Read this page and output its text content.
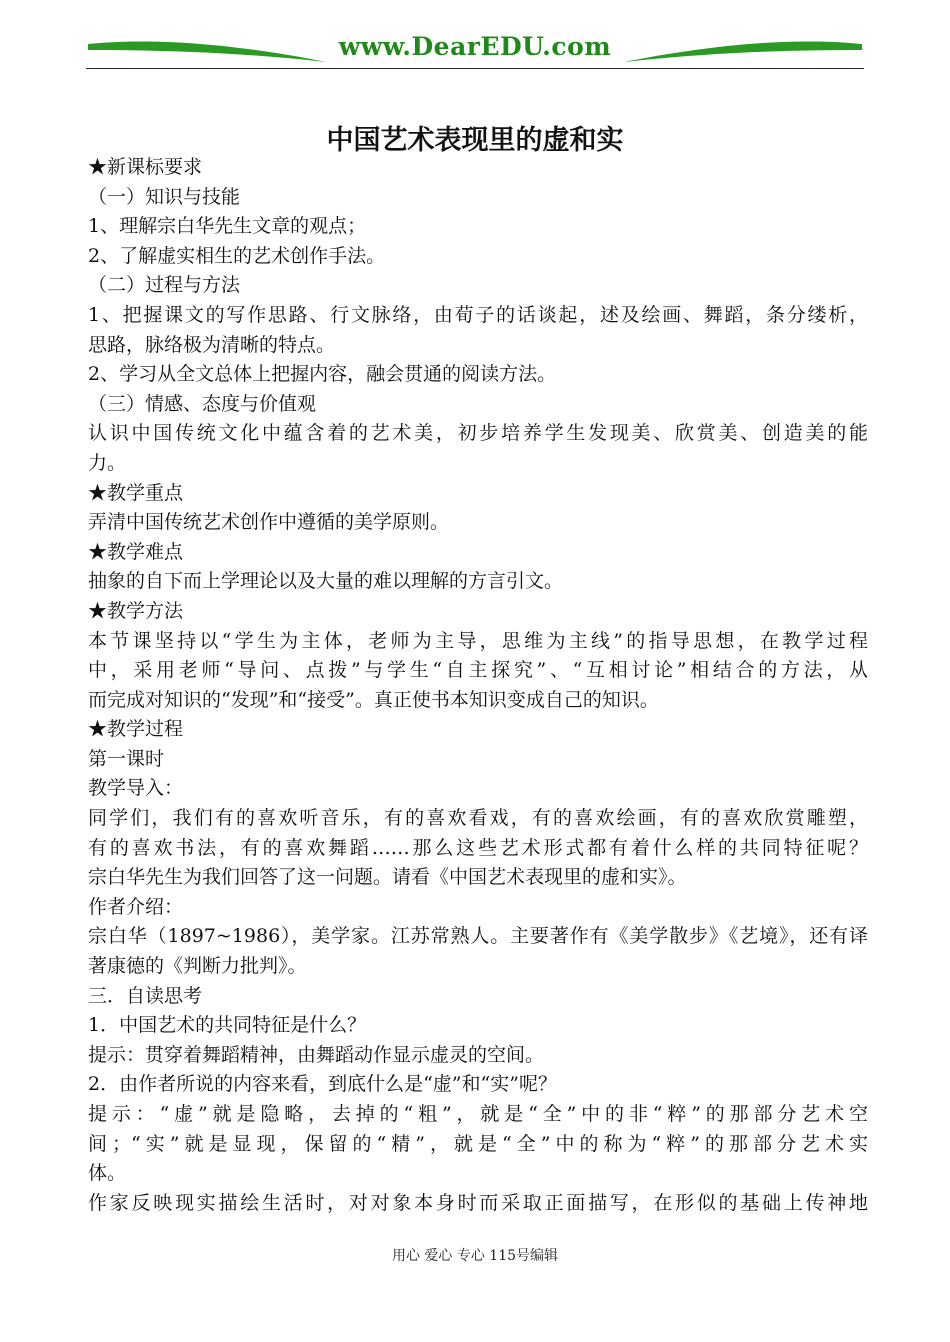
www.DearEDU.com
中国艺术表现里的虚和实
★新课标要求
（一）知识与技能
1、理解宗白华先生文章的观点；
2、了解虚实相生的艺术创作手法。
（二）过程与方法
1、把握课文的写作思路、行文脉络，由荀子的话谈起，述及绘画、舞蹈，条分缕析，
思路，脉络极为清晰的特点。
2、学习从全文总体上把握内容，融会贯通的阅读方法。
（三）情感、态度与价值观
认识中国传统文化中蕴含着的艺术美，初步培养学生发现美、欣赏美、创造美的能
力。
★教学重点
弄清中国传统艺术创作中遵循的美学原则。
★教学难点
抽象的自下而上学理论以及大量的难以理解的方言引文。
★教学方法
本节课坚持以“学生为主体，老师为主导，思维为主线”的指导思想，在教学过程
中，采用老师“导问、点拨”与学生“自主探究”、“互相讨论”相结合的方法，从
而完成对知识的“发现”和“接受”。真正使书本知识变成自己的知识。
★教学过程
第一课时
教学导入：
同学们，我们有的喜欢听音乐，有的喜欢看戏，有的喜欢绘画，有的喜欢欣赏雕塑，
有的喜欢书法，有的喜欢舞蹈……那么这些艺术形式都有着什么样的共同特征呢？
宗白华先生为我们回答了这一问题。请看《中国艺术表现里的虚和实》。
作者介绍：
宗白华（1897~1986），美学家。江苏常熟人。主要著作有《美学散步》《艺境》，还有译
著康德的《判断力批判》。
三．自读思考
1．中国艺术的共同特征是什么？
提示：贯穿着舞蹈精神，由舞蹈动作显示虚灵的空间。
2．由作者所说的内容来看，到底什么是“虚”和“实”呢？
提示：“虚”就是隐略，去掉的“粗”，就是“全”中的非“粹”的那部分艺术空
间；“实”就是显现，保留的“精”，就是“全”中的称为“粹”的那部分艺术实
体。
作家反映现实描绘生活时，对对象本身时而采取正面描写，在形似的基础上传神地
用心 爱心 专心 115号编辑
